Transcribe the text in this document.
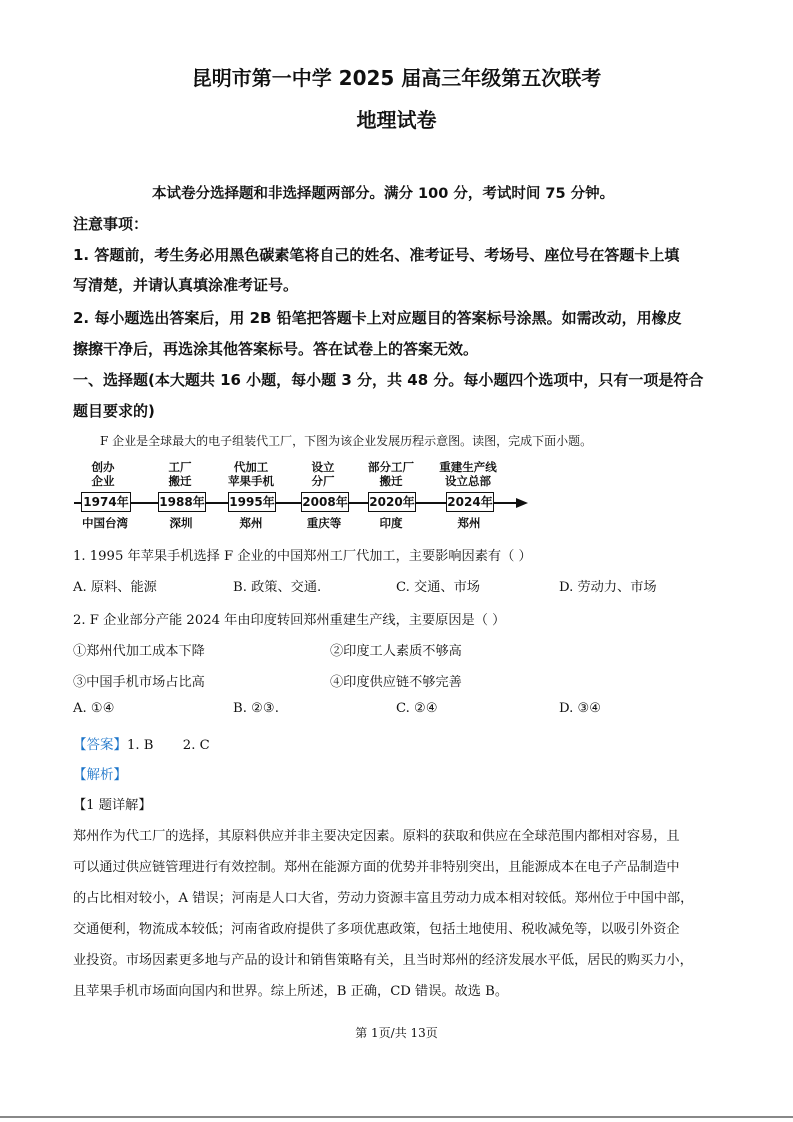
昆明市第一中学 2025 届高三年级第五次联考
地理试卷
本试卷分选择题和非选择题两部分。满分 100 分，考试时间 75 分钟。
注意事项：
1. 答题前，考生务必用黑色碳素笔将自己的姓名、准考证号、考场号、座位号在答题卡上填
写清楚，并请认真填涂准考证号。
2. 每小题选出答案后，用 2B 铅笔把答题卡上对应题目的答案标号涂黑。如需改动，用橡皮
擦擦干净后，再选涂其他答案标号。答在试卷上的答案无效。
一、选择题(本大题共 16 小题，每小题 3 分，共 48 分。每小题四个选项中，只有一项是符合
题目要求的)
F 企业是全球最大的电子组装代工厂，下图为该企业发展历程示意图。读图，完成下面小题。
创办
企业
1974年
中国台湾
工厂
搬迁
1988年
深圳
代加工
苹果手机
1995年
郑州
设立
分厂
2008年
重庆等
部分工厂
搬迁
2020年
印度
重建生产线
设立总部
2024年
郑州
1. 1995 年苹果手机选择 F 企业的中国郑州工厂代加工，主要影响因素有（ ）
A. 原料、能源	B. 政策、交通.	C. 交通、市场	D. 劳动力、市场
2. F 企业部分产能 2024 年由印度转回郑州重建生产线，主要原因是（ ）
①郑州代加工成本下降	②印度工人素质不够高
③中国手机市场占比高	④印度供应链不够完善
A. ①④	B. ②③.	C. ②④	D. ③④
【答案】1. B       2. C
【解析】
【1 题详解】
郑州作为代工厂的选择，其原料供应并非主要决定因素。原料的获取和供应在全球范围内都相对容易，且
可以通过供应链管理进行有效控制。郑州在能源方面的优势并非特别突出，且能源成本在电子产品制造中
的占比相对较小，A 错误；河南是人口大省，劳动力资源丰富且劳动力成本相对较低。郑州位于中国中部，
交通便利，物流成本较低；河南省政府提供了多项优惠政策，包括土地使用、税收减免等，以吸引外资企
业投资。市场因素更多地与产品的设计和销售策略有关，且当时郑州的经济发展水平低，居民的购买力小，
且苹果手机市场面向国内和世界。综上所述，B 正确，CD 错误。故选 B。
第 1页/共 13页
